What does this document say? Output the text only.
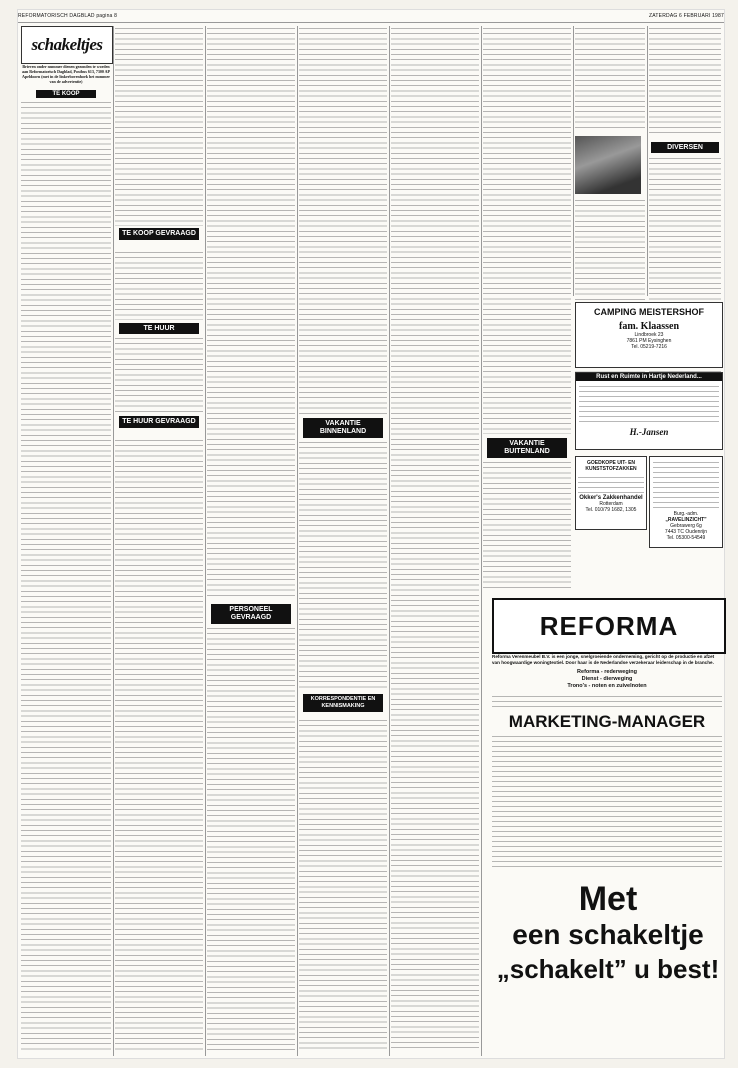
REFORMATORISCH DAGBLAD pagina 8	ZATERDAG 6 FEBRUARI 1987
schakeltjes
Brieven onder nummer dienen gezonden te worden aan Reformatorisch Dagblad, Postbus 613, 7300 AP Apeldoorn (met in de linkerbovenhoek het nummer van de advertentie)
TE KOOP
TE KOOP GEVRAAGD
TE HUUR
TE HUUR GEVRAAGD
PERSONEEL GEVRAAGD
VAKANTIE BINNENLAND
KORRESPONDENTIE EN KENNISMAKING
VAKANTIE BUITENLAND
DIVERSEN
CAMPING MEISTERSHOF
fam. Klaassen
Lindbroek 23
7861 PM Eysinghen
Tel. 05219-7216
Rust en Ruimte in Hartje Nederland...
H.-Jansen
GOEDKOPE UIT- EN KUNSTSTOFZAKKEN
Okker's Zakkenhandel
Rotterdam
Tel. 010/79 1682, 1305
Burg.-adm.
„RAVELINZICHT”
Gebrawerg 6g
7443 TC Oudenrijn
Tel. 05300-54549
REFORMA
Reforma Verenmeubel B.V. is een jonge, snelgroeiende onderneming, gericht op de productie en afzet van hoogwaardige woningtextiel. Door haar is de Nederlandse verzekeraar leiderschap in de branche.
Reforma - rederweging
Dienst - dierweging
Trono's - noten en zuivelnoten
MARKETING-MANAGER
Met
een schakeltje
„schakelt” u best!
